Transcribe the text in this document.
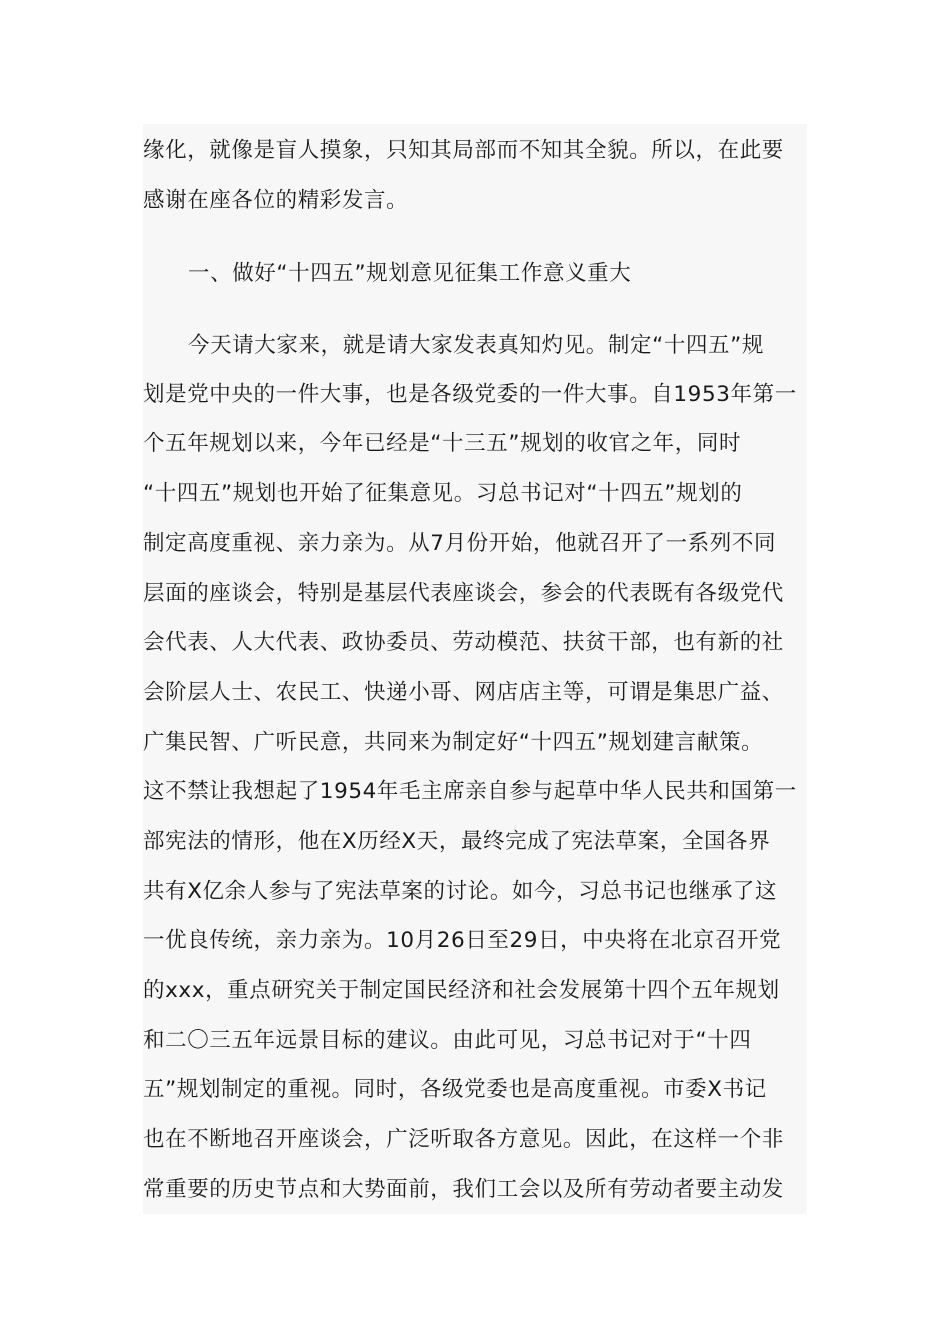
缘化，就像是盲人摸象，只知其局部而不知其全貌。所以，在此要
感谢在座各位的精彩发言。
一、做好“十四五”规划意见征集工作意义重大
今天请大家来，就是请大家发表真知灼见。制定“十四五”规
划是党中央的一件大事，也是各级党委的一件大事。自1953年第一
个五年规划以来，今年已经是“十三五”规划的收官之年，同时
“十四五”规划也开始了征集意见。习总书记对“十四五”规划的
制定高度重视、亲力亲为。从7月份开始，他就召开了一系列不同
层面的座谈会，特别是基层代表座谈会，参会的代表既有各级党代
会代表、人大代表、政协委员、劳动模范、扶贫干部，也有新的社
会阶层人士、农民工、快递小哥、网店店主等，可谓是集思广益、
广集民智、广听民意，共同来为制定好“十四五”规划建言献策。
这不禁让我想起了1954年毛主席亲自参与起草中华人民共和国第一
部宪法的情形，他在X历经X天，最终完成了宪法草案，全国各界
共有X亿余人参与了宪法草案的讨论。如今，习总书记也继承了这
一优良传统，亲力亲为。10月26日至29日，中央将在北京召开党
的xxx，重点研究关于制定国民经济和社会发展第十四个五年规划
和二〇三五年远景目标的建议。由此可见，习总书记对于“十四
五”规划制定的重视。同时，各级党委也是高度重视。市委X书记
也在不断地召开座谈会，广泛听取各方意见。因此，在这样一个非
常重要的历史节点和大势面前，我们工会以及所有劳动者要主动发
